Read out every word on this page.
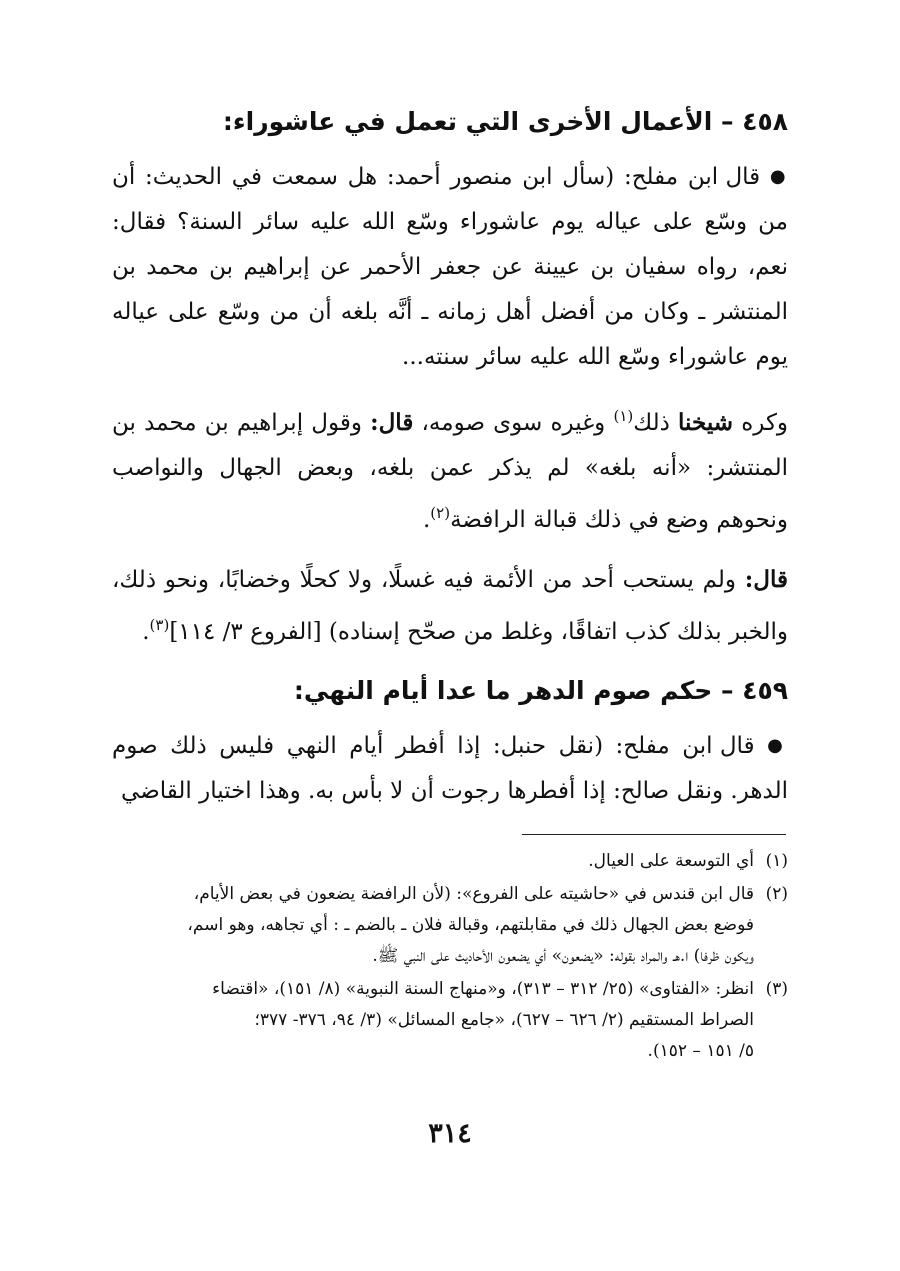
٤٥٨ – الأعمال الأخرى التي تعمل في عاشوراء:

● قال ابن مفلح: (سأل ابن منصور أحمد: هل سمعت في الحديث: أن من وسّع على عياله يوم عاشوراء وسّع الله عليه سائر السنة؟ فقال: نعم، رواه سفيان بن عيينة عن جعفر الأحمر عن إبراهيم بن محمد بن المنتشر ـ وكان من أفضل أهل زمانه ـ أنَّه بلغه أن من وسّع على عياله يوم عاشوراء وسّع الله عليه سائر سنته...

وكره شيخنا ذلك$^{(١)}$ وغيره سوى صومه، قال: وقول إبراهيم بن محمد بن المنتشر: «أنه بلغه» لم يذكر عمن بلغه، وبعض الجهال والنواصب ونحوهم وضع في ذلك قبالة الرافضة$^{(٢)}$.

قال: ولم يستحب أحد من الأئمة فيه غسلًا، ولا كحلًا وخضابًا، ونحو ذلك، والخبر بذلك كذب اتفاقًا، وغلط من صحّح إسناده) [الفروع ٣/ ١١٤]$^{(٣)}$.

٤٥٩ – حكم صوم الدهر ما عدا أيام النهي:

● قال ابن مفلح: (نقل حنبل: إذا أفطر أيام النهي فليس ذلك صوم الدهر. ونقل صالح: إذا أفطرها رجوت أن لا بأس به. وهذا اختيار القاضي

(١)أي التوسعة على العيال.
(٢)قال ابن قندس في «حاشيته على الفروع»: (لأن الرافضة يضعون في بعض الأيام،
فوضع بعض الجهال ذلك في مقابلتهم، وقبالة فلان ـ بالضم ـ : أي تجاهه، وهو اسم،
ويكون ظرفا) ا.هـ والمراد بقوله: «يضعون» أي يضعون الأحاديث على النبي ﷺ.
(٣)انظر: «الفتاوى» (٢٥/ ٣١٢ – ٣١٣)، و«منهاج السنة النبوية» (٨/ ١٥١)، «اقتضاء
الصراط المستقيم (٢/ ٦٢٦ – ٦٢٧)، «جامع المسائل» (٣/ ٩٤، ٣٧٦- ٣٧٧؛
٥/ ١٥١ – ١٥٢).
٣١٤
